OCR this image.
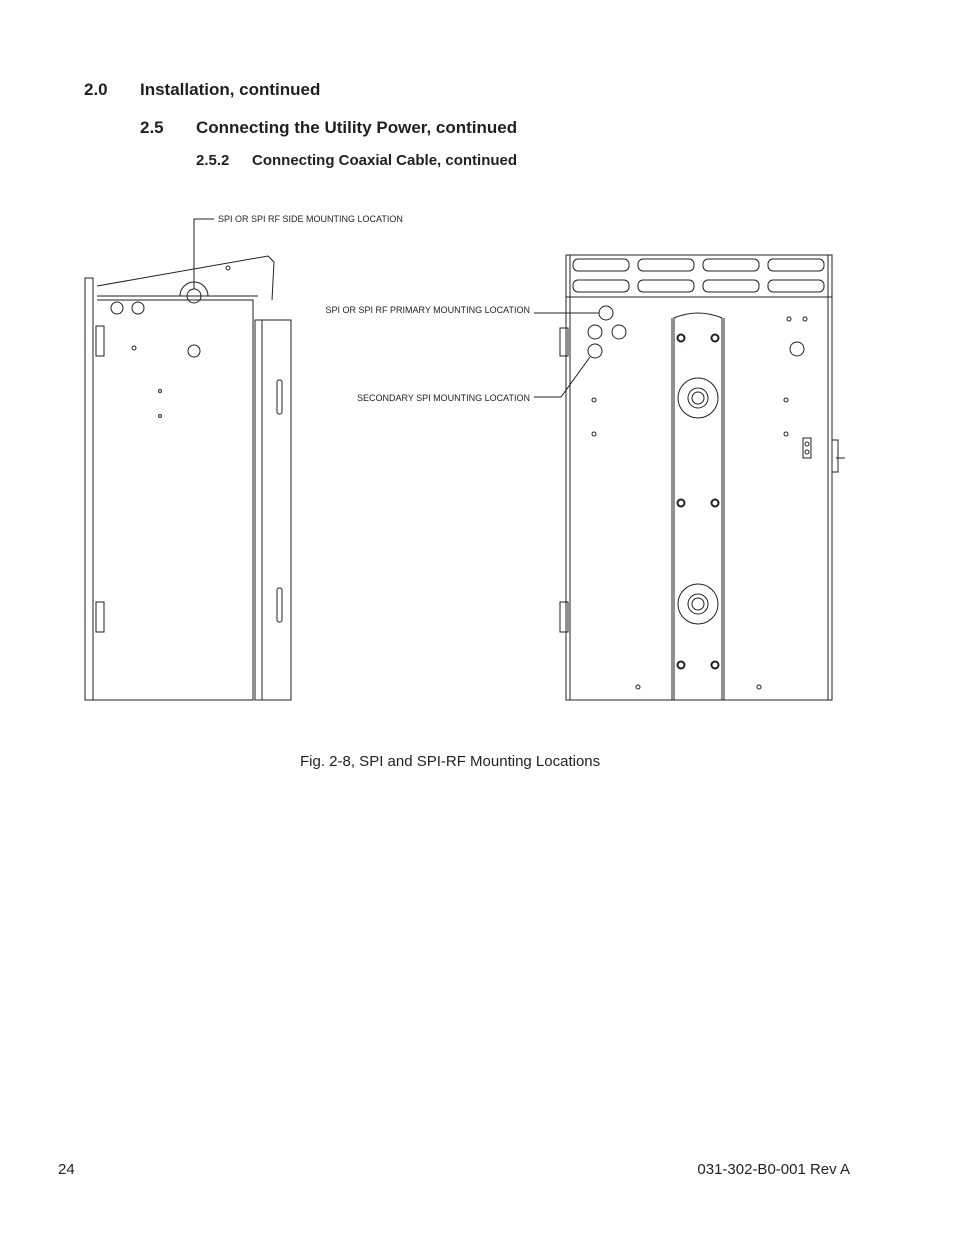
2.0 Installation, continued
2.5 Connecting the Utility Power, continued
2.5.2 Connecting Coaxial Cable, continued
SPI OR SPI RF SIDE MOUNTING LOCATION
SPI OR SPI RF PRIMARY MOUNTING LOCATION
SECONDARY SPI MOUNTING LOCATION
Fig. 2-8, SPI and SPI-RF Mounting Locations
24	031-302-B0-001 Rev A
